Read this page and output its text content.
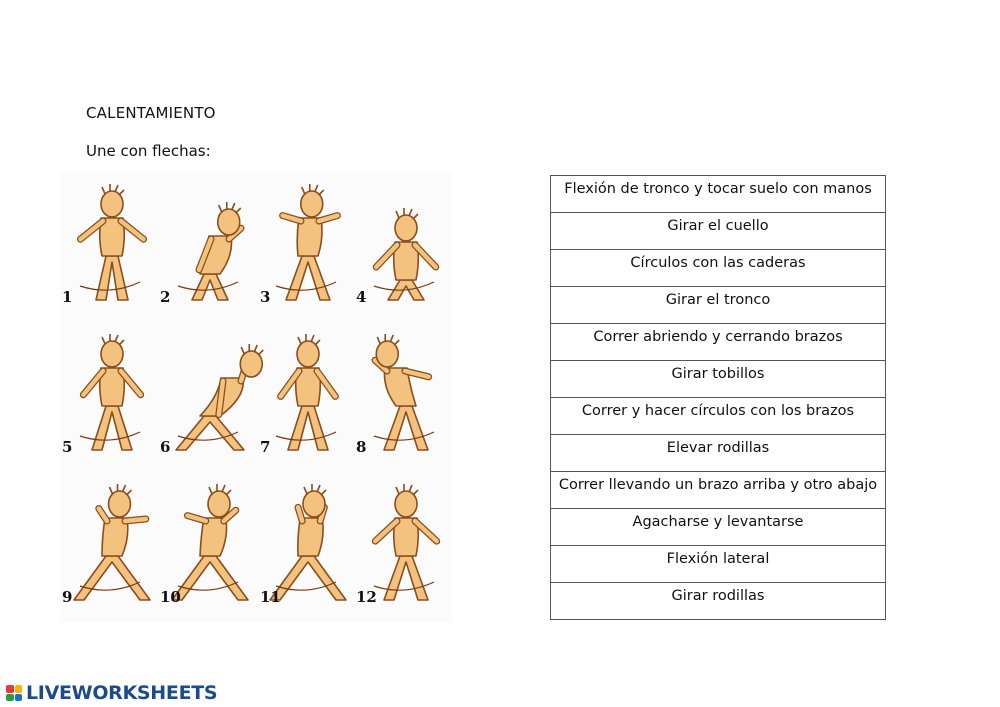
CALENTAMIENTO
Une con flechas:
1	2	3	4
5	6	7	8
9	10	11	12
Flexión de tronco y tocar suelo con manos
Girar el cuello
Círculos con las caderas
Girar el tronco
Correr abriendo y cerrando brazos
Girar tobillos
Correr y hacer círculos con los brazos
Elevar rodillas
Correr llevando un brazo arriba y otro abajo
Agacharse y levantarse
Flexión lateral
Girar rodillas
LIVEWORKSHEETS
